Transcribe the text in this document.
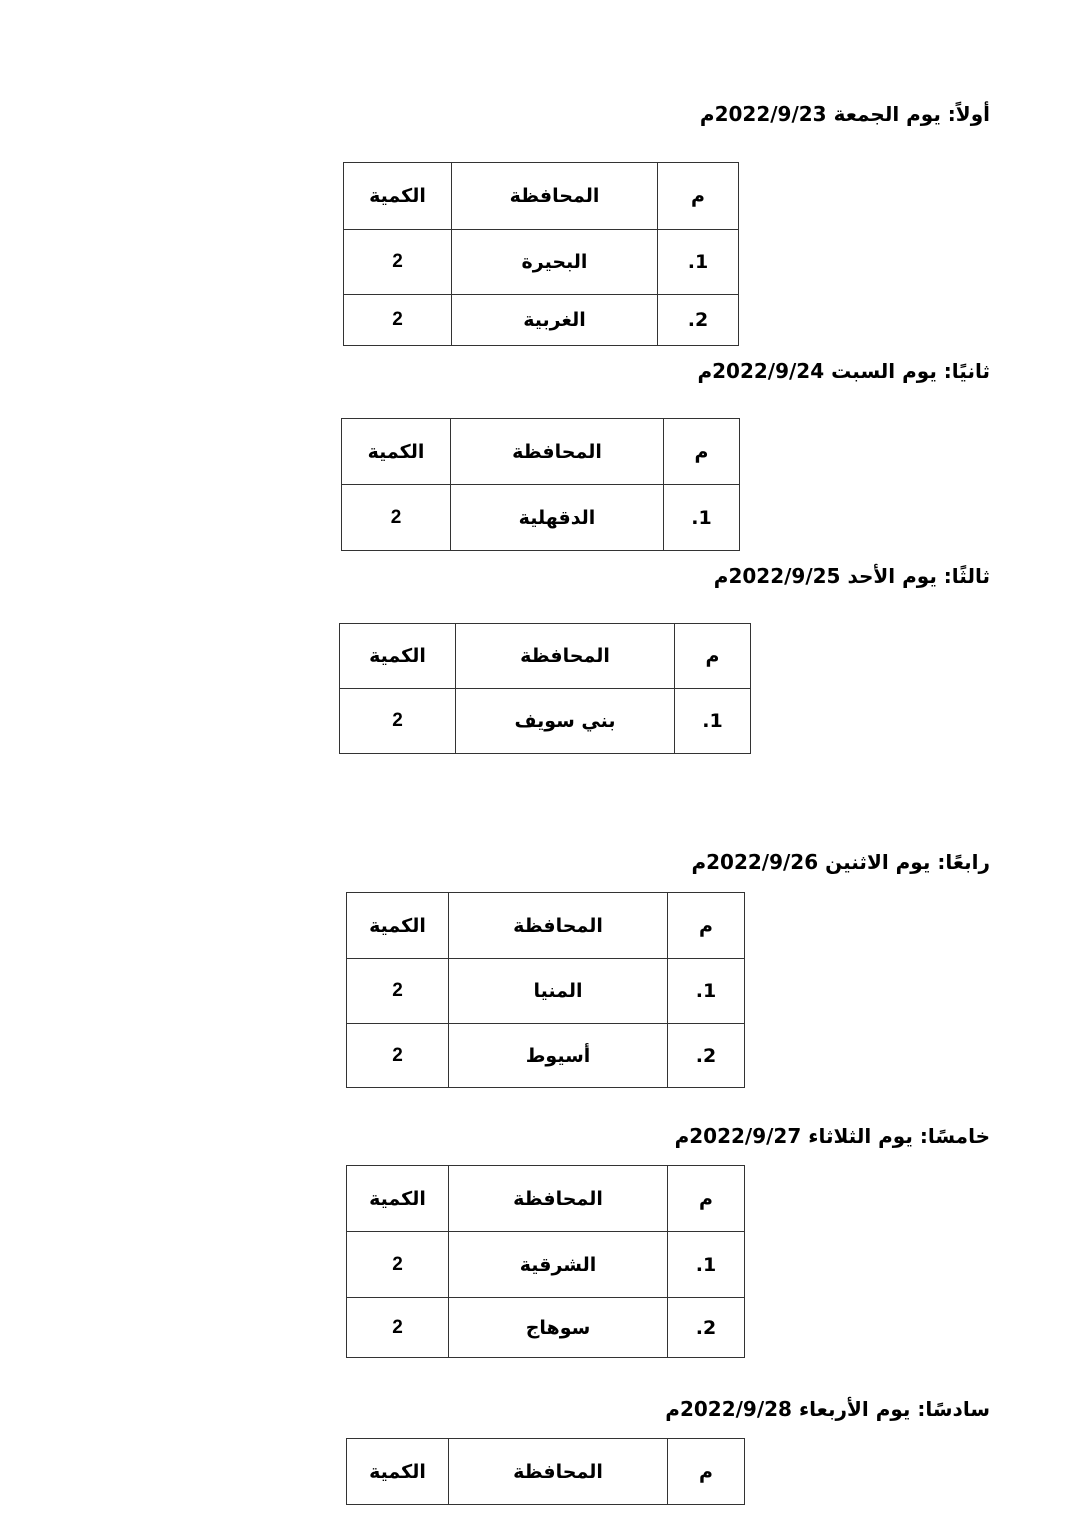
أولاً: يوم الجمعة 2022/9/23م
م	المحافظة	الكمية
1.	البحيرة	2
2.	الغربية	2
ثانيًا: يوم السبت 2022/9/24م
م	المحافظة	الكمية
1.	الدقهلية	2
ثالثًا: يوم الأحد 2022/9/25م
م	المحافظة	الكمية
1.	بني سويف	2
رابعًا: يوم الاثنين 2022/9/26م
م	المحافظة	الكمية
1.	المنيا	2
2.	أسيوط	2
خامسًا: يوم الثلاثاء 2022/9/27م
م	المحافظة	الكمية
1.	الشرقية	2
2.	سوهاج	2
سادسًا: يوم الأربعاء 2022/9/28م
م	المحافظة	الكمية
